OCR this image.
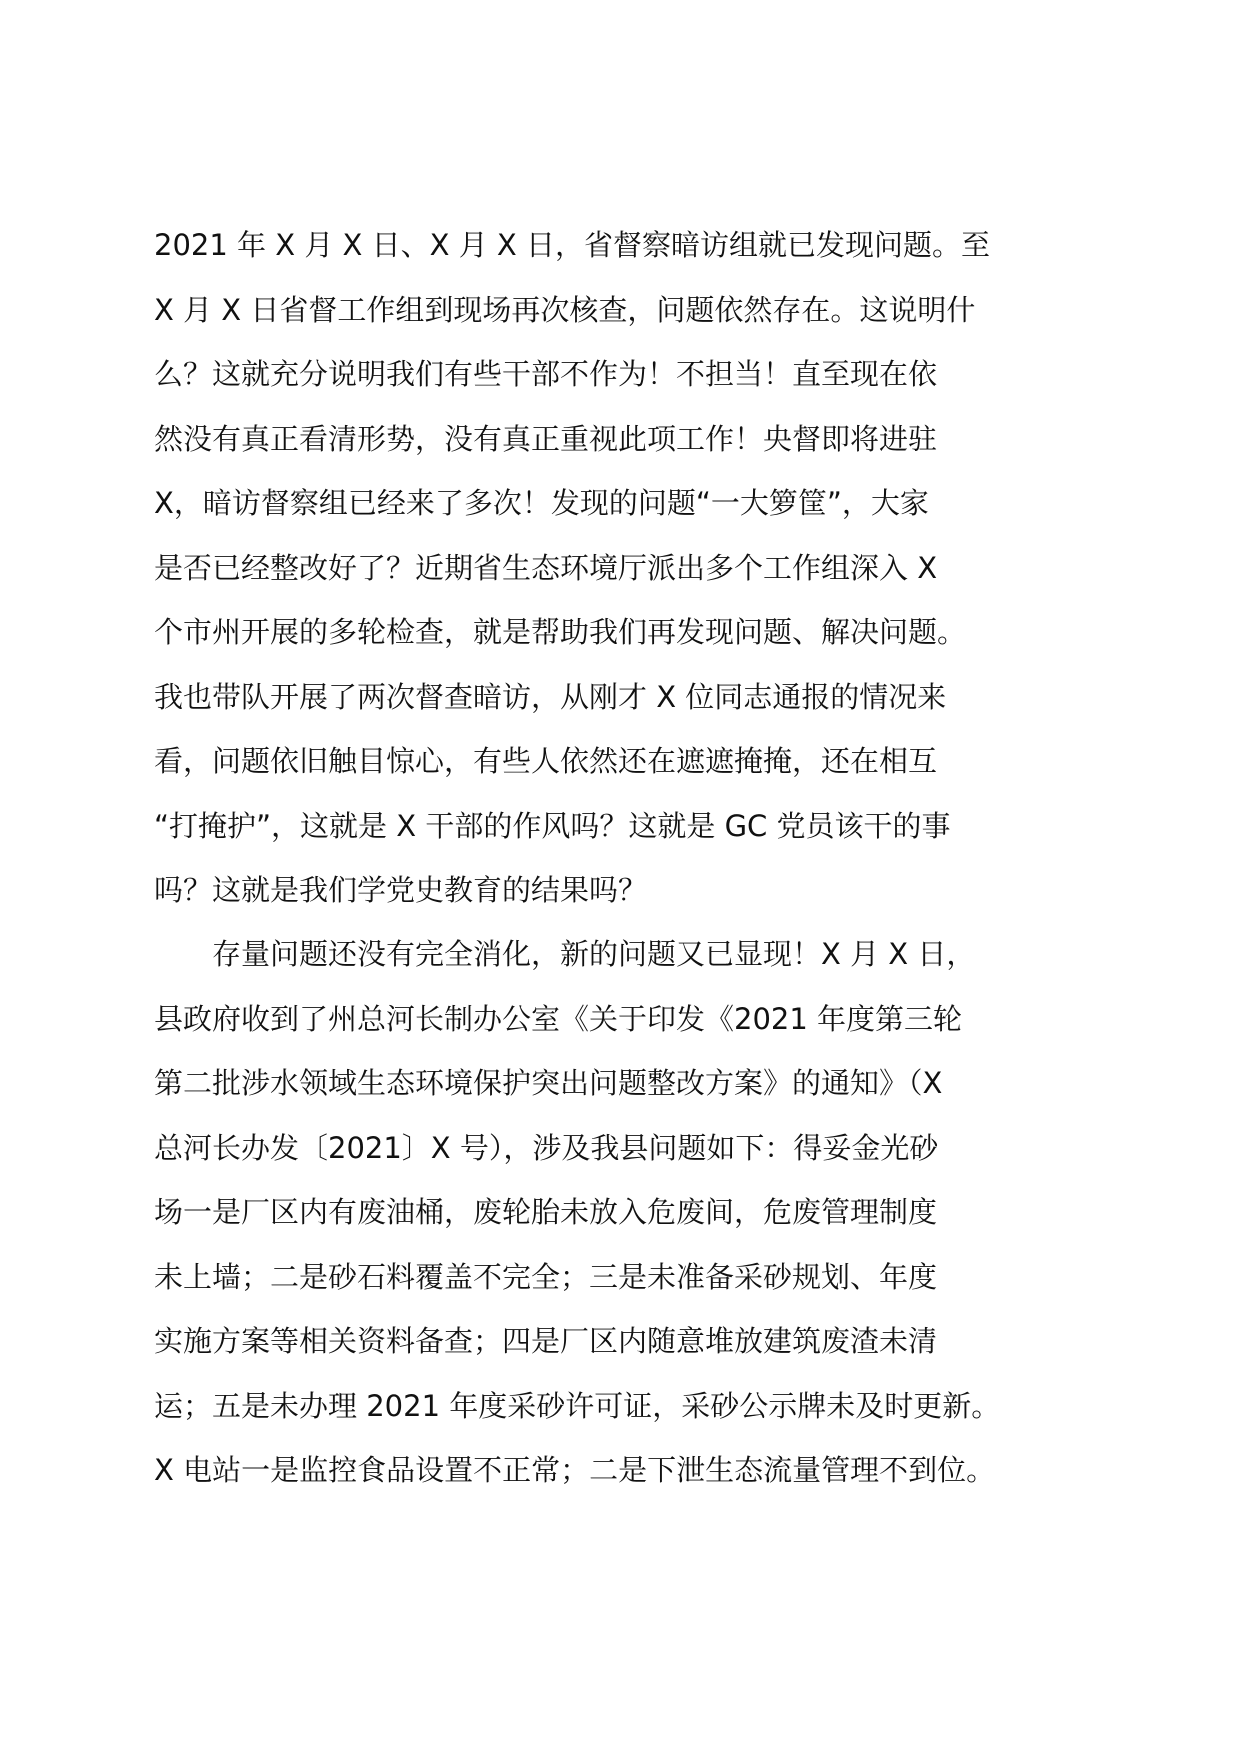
2021 年 X 月 X 日、X 月 X 日，省督察暗访组就已发现问题。至
X 月 X 日省督工作组到现场再次核查，问题依然存在。这说明什
么？这就充分说明我们有些干部不作为！不担当！直至现在依
然没有真正看清形势，没有真正重视此项工作！央督即将进驻
X，暗访督察组已经来了多次！发现的问题“一大箩筐”，大家
是否已经整改好了？近期省生态环境厅派出多个工作组深入 X
个市州开展的多轮检查，就是帮助我们再发现问题、解决问题。
我也带队开展了两次督查暗访，从刚才 X 位同志通报的情况来
看，问题依旧触目惊心，有些人依然还在遮遮掩掩，还在相互
“打掩护”，这就是 X 干部的作风吗？这就是 GC 党员该干的事
吗？这就是我们学党史教育的结果吗？
　　存量问题还没有完全消化，新的问题又已显现！X 月 X 日，
县政府收到了州总河长制办公室《关于印发《2021 年度第三轮
第二批涉水领域生态环境保护突出问题整改方案》的通知》（X
总河长办发〔2021〕X 号），涉及我县问题如下：得妥金光砂
场一是厂区内有废油桶，废轮胎未放入危废间，危废管理制度
未上墙；二是砂石料覆盖不完全；三是未准备采砂规划、年度
实施方案等相关资料备查；四是厂区内随意堆放建筑废渣未清
运；五是未办理 2021 年度采砂许可证，采砂公示牌未及时更新。
X 电站一是监控食品设置不正常；二是下泄生态流量管理不到位。
